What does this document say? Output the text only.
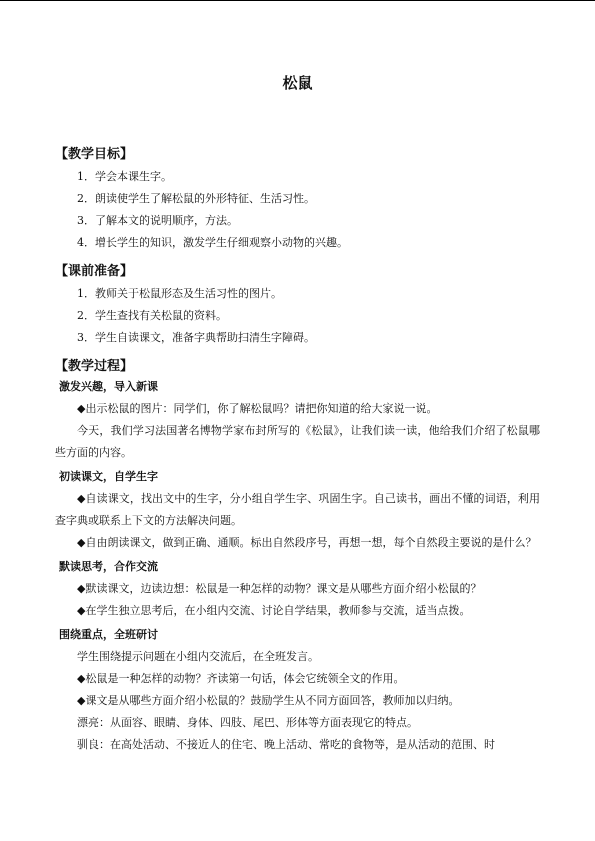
松鼠
【教学目标】
1．学会本课生字。
2．朗读使学生了解松鼠的外形特征、生活习性。
3．了解本文的说明顺序，方法。
4．增长学生的知识，激发学生仔细观察小动物的兴趣。
【课前准备】
1．教师关于松鼠形态及生活习性的图片。
2．学生查找有关松鼠的资料。
3．学生自读课文，准备字典帮助扫清生字障碍。
【教学过程】
激发兴趣，导入新课
◆出示松鼠的图片：同学们，你了解松鼠吗？请把你知道的给大家说一说。
今天，我们学习法国著名博物学家布封所写的《松鼠》，让我们读一读，他给我们介绍了松鼠哪些方面的内容。
初读课文，自学生字
◆自读课文，找出文中的生字，分小组自学生字、巩固生字。自己读书，画出不懂的词语，利用查字典或联系上下文的方法解决问题。
◆自由朗读课文，做到正确、通顺。标出自然段序号，再想一想，每个自然段主要说的是什么？
默读思考，合作交流
◆默读课文，边读边想：松鼠是一种怎样的动物？课文是从哪些方面介绍小松鼠的？
◆在学生独立思考后，在小组内交流、讨论自学结果，教师参与交流，适当点拨。
围绕重点，全班研讨
学生围绕提示问题在小组内交流后，在全班发言。
◆松鼠是一种怎样的动物？齐读第一句话，体会它统领全文的作用。
◆课文是从哪些方面介绍小松鼠的？鼓励学生从不同方面回答，教师加以归纳。
漂亮：从面容、眼睛、身体、四肢、尾巴、形体等方面表现它的特点。
驯良：在高处活动、不接近人的住宅、晚上活动、常吃的食物等，是从活动的范围、时
